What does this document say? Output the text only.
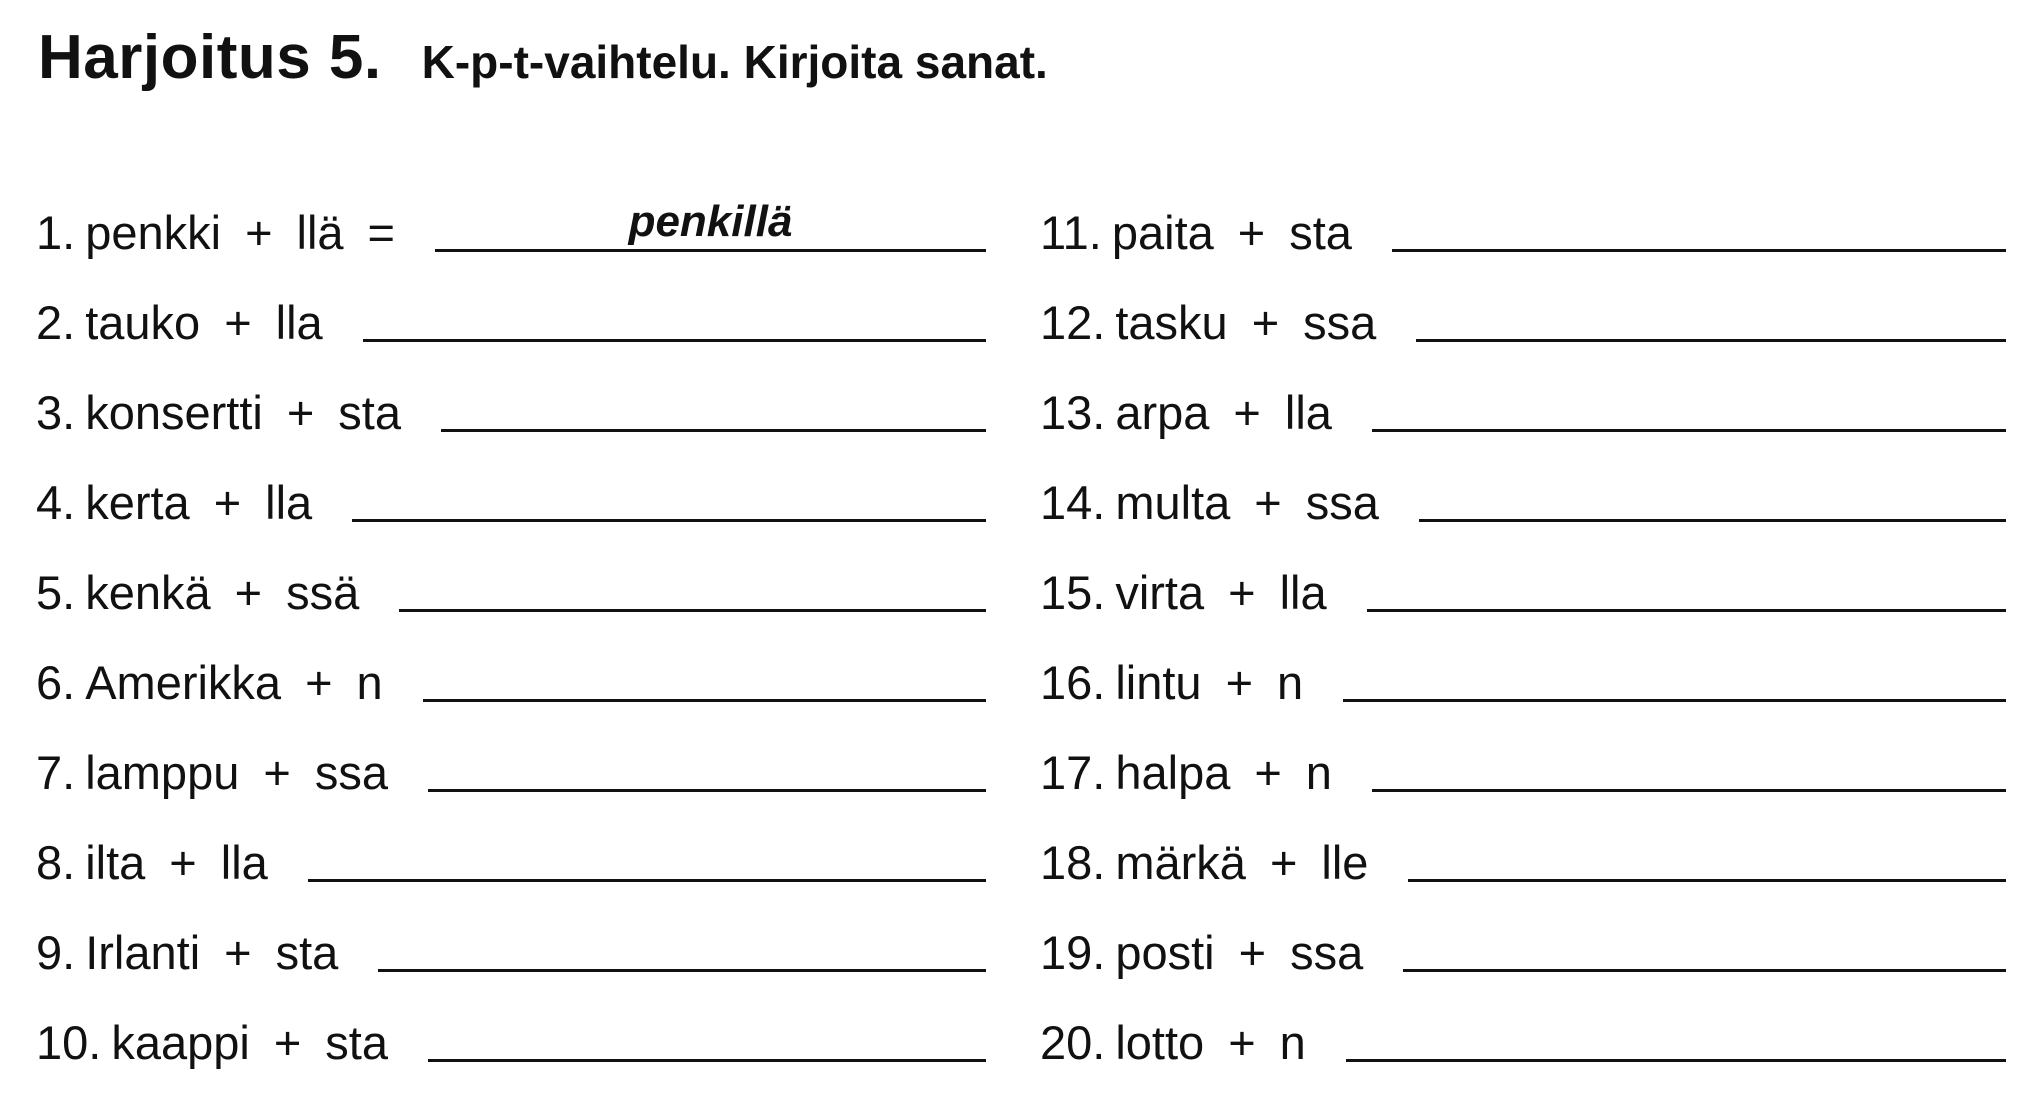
Harjoitus 5. K-p-t-vaihtelu. Kirjoita sanat.
1. penkki + llä =	penkillä
2. tauko + lla
3. konsertti + sta
4. kerta + lla
5. kenkä + ssä
6. Amerikka + n
7. lamppu + ssa
8. ilta + lla
9. Irlanti + sta
10. kaappi + sta
11. paita + sta
12. tasku + ssa
13. arpa + lla
14. multa + ssa
15. virta + lla
16. lintu + n
17. halpa + n
18. märkä + lle
19. posti + ssa
20. lotto + n
